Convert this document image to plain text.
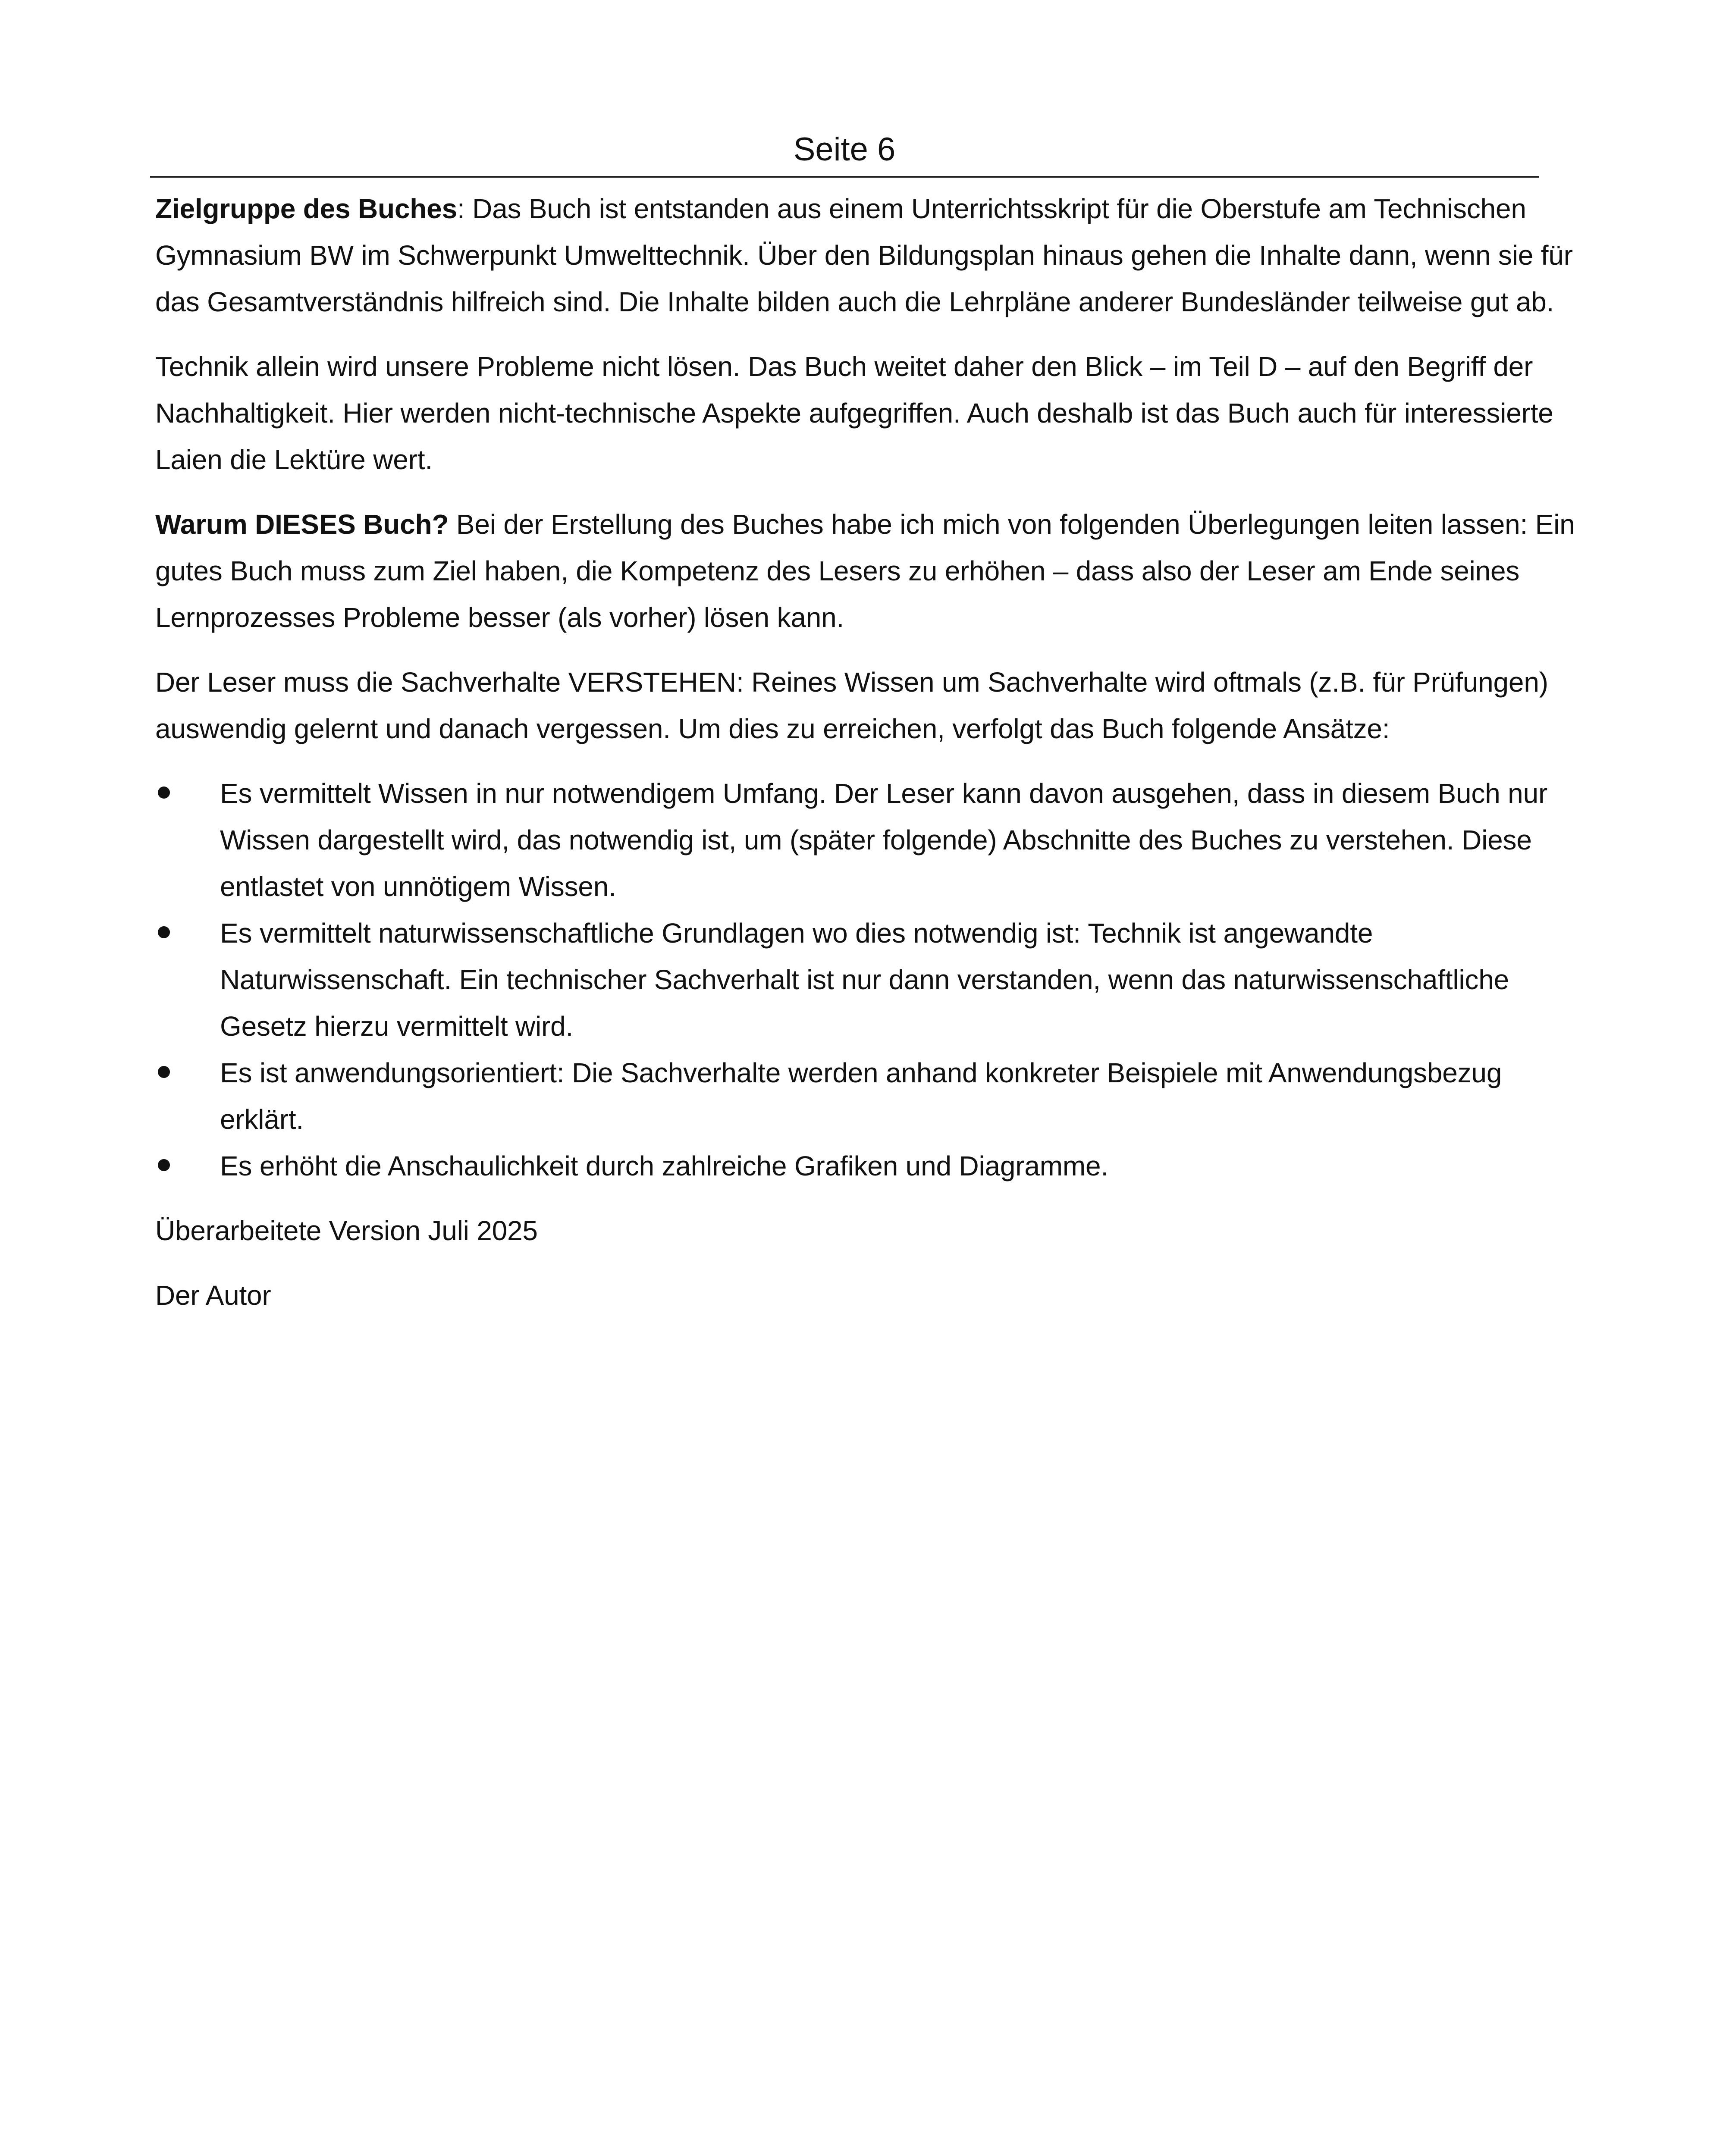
Seite 6

Zielgruppe des Buches: Das Buch ist entstanden aus einem Unterrichtsskript für die Oberstufe am Technischen Gymnasium BW im Schwerpunkt Umwelttechnik. Über den Bildungsplan hinaus gehen die Inhalte dann, wenn sie für das Gesamtverständnis hilfreich sind. Die Inhalte bilden auch die Lehrpläne anderer Bundesländer teilweise gut ab.

Technik allein wird unsere Probleme nicht lösen. Das Buch weitet daher den Blick – im Teil D – auf den Begriff der Nachhaltigkeit. Hier werden nicht-technische Aspekte aufgegriffen. Auch deshalb ist das Buch auch für interessierte Laien die Lektüre wert.

Warum DIESES Buch? Bei der Erstellung des Buches habe ich mich von folgenden Überlegungen leiten lassen: Ein gutes Buch muss zum Ziel haben, die Kompetenz des Lesers zu erhöhen – dass also der Leser am Ende seines Lernprozesses Probleme besser (als vorher) lösen kann.

Der Leser muss die Sachverhalte VERSTEHEN: Reines Wissen um Sachverhalte wird oftmals (z.B. für Prüfungen) auswendig gelernt und danach vergessen. Um dies zu erreichen, verfolgt das Buch folgende Ansätze:

Es vermittelt Wissen in nur notwendigem Umfang. Der Leser kann davon ausgehen, dass in diesem Buch nur Wissen dargestellt wird, das notwendig ist, um (später folgende) Abschnitte des Buches zu verstehen. Diese entlastet von unnötigem Wissen.
Es vermittelt naturwissenschaftliche Grundlagen wo dies notwendig ist: Technik ist angewandte Naturwissenschaft. Ein technischer Sachverhalt ist nur dann verstanden, wenn das naturwissenschaftliche Gesetz hierzu vermittelt wird.
Es ist anwendungsorientiert: Die Sachverhalte werden anhand konkreter Beispiele mit Anwendungsbezug erklärt.
Es erhöht die Anschaulichkeit durch zahlreiche Grafiken und Diagramme.

Überarbeitete Version Juli 2025

Der Autor
